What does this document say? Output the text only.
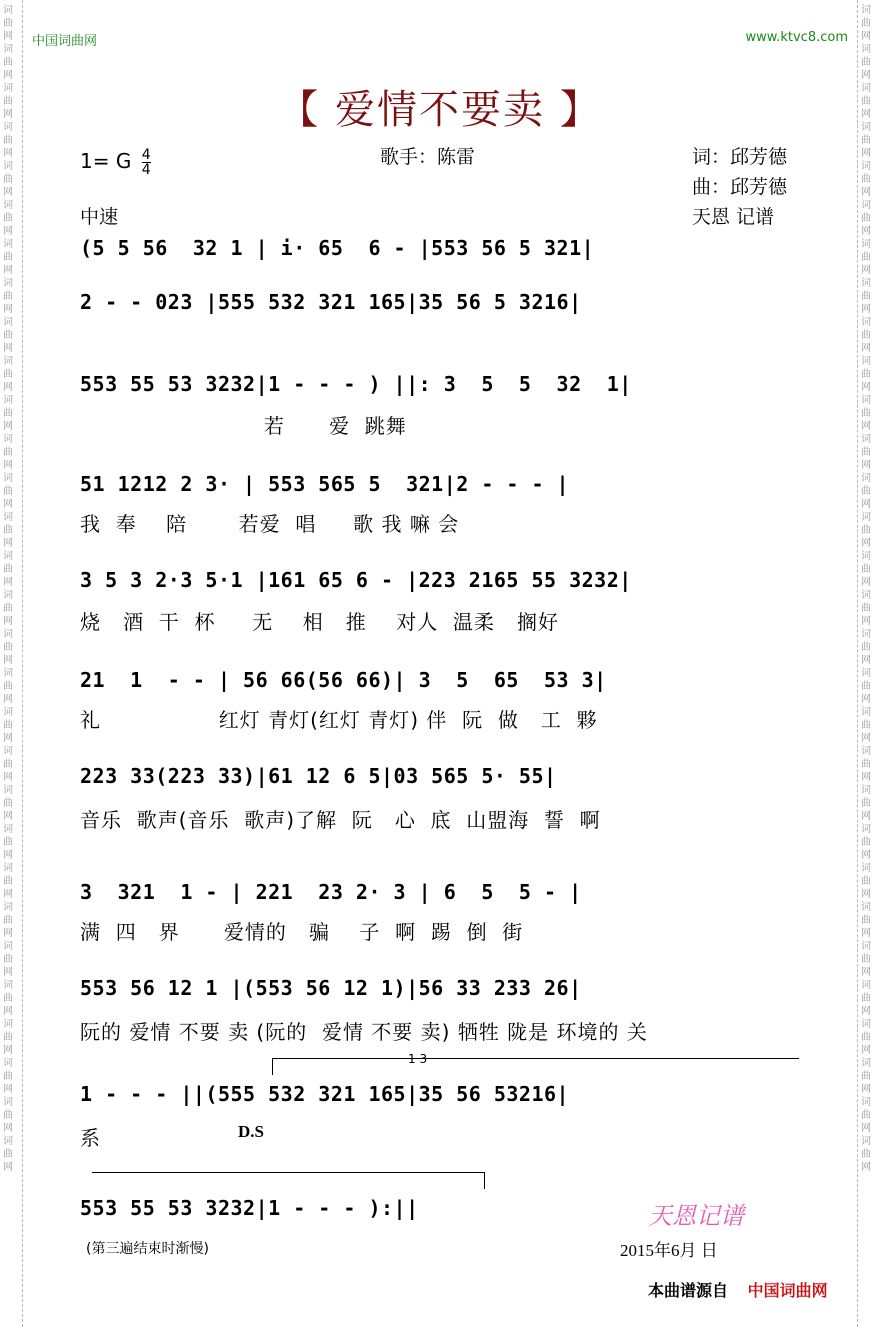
词曲网词曲网词曲网词曲网词曲网词曲网词曲网词曲网词曲网词曲网词曲网词曲网词曲网词曲网词曲网词曲网词曲网词曲网词曲网词曲网词曲网词曲网词曲网词曲网词曲网词曲网词曲网词曲网词曲网词曲网
词曲网词曲网词曲网词曲网词曲网词曲网词曲网词曲网词曲网词曲网词曲网词曲网词曲网词曲网词曲网词曲网词曲网词曲网词曲网词曲网词曲网词曲网词曲网词曲网词曲网词曲网词曲网词曲网词曲网词曲网
中国词曲网	www.ktvc8.com
【 爱情不要卖 】
歌手：陈雷	词：邱芳德
曲：邱芳德
1= G $\frac{4}{4}$
中速	天恩 记谱
(5 5 56  32 1 | i· 65  6 - |553 56 5 321|
2 - - 023 |555 532 321 165|35 56 5 3216|
553 55 53 3232|1 - - - ) ||: 3  5  5  32  1|
若      爱  跳舞
51 1212 2 3· | 553 565 5  321|2 - - - |
我  奉    陪       若爱  唱     歌 我 嘛 会
3 5 3 2·3 5·1 |161 65 6 - |223 2165 55 3232|
烧   酒  干  杯     无    相   推    对人  温柔   搁好
21  1  - - | 56 66(56 66)| 3  5  65  53 3|
礼                红灯 青灯(红灯 青灯) 伴  阮  做   工  夥
223 33(223 33)|61 12 6 5|03 565 5· 55|
音乐  歌声(音乐  歌声)了解  阮   心  底  山盟海  誓  啊
3  321  1 - | 221  23 2· 3 | 6  5  5 - |
满  四   界      爱情的   骗    子  啊  踢  倒  街
553 56 12 1 |(553 56 12 1)|56 33 233 26|
阮的 爱情 不要 卖 (阮的  爱情 不要 卖) 牺牲 陇是 环境的 关
1 3
1 - - - ||(555 532 321 165|35 56 53216|
系	D.S
553 55 53 3232|1 - - - ):||
(第三遍结束时渐慢)
天恩记谱
2015年6月 日
本曲谱源自 中国词曲网
